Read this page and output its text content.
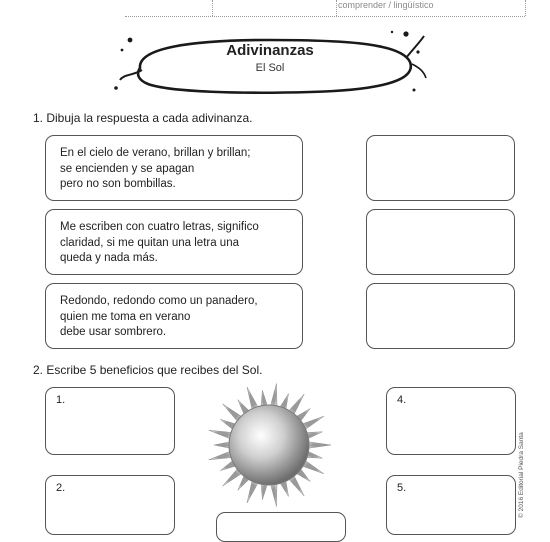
comprender / lingüístico
Adivinanzas
El Sol
1. Dibuja la respuesta a cada adivinanza.
En el cielo de verano, brillan y brillan;
se encienden y se apagan
pero no son bombillas.
Me escriben con cuatro letras, significo
claridad, si me quitan una letra una
queda y nada más.
Redondo, redondo como un panadero,
quien me toma en verano
debe usar sombrero.
2. Escribe 5 beneficios que recibes del Sol.
1.	4.
2.	5.	© 2016 Editorial Piedra Santa
